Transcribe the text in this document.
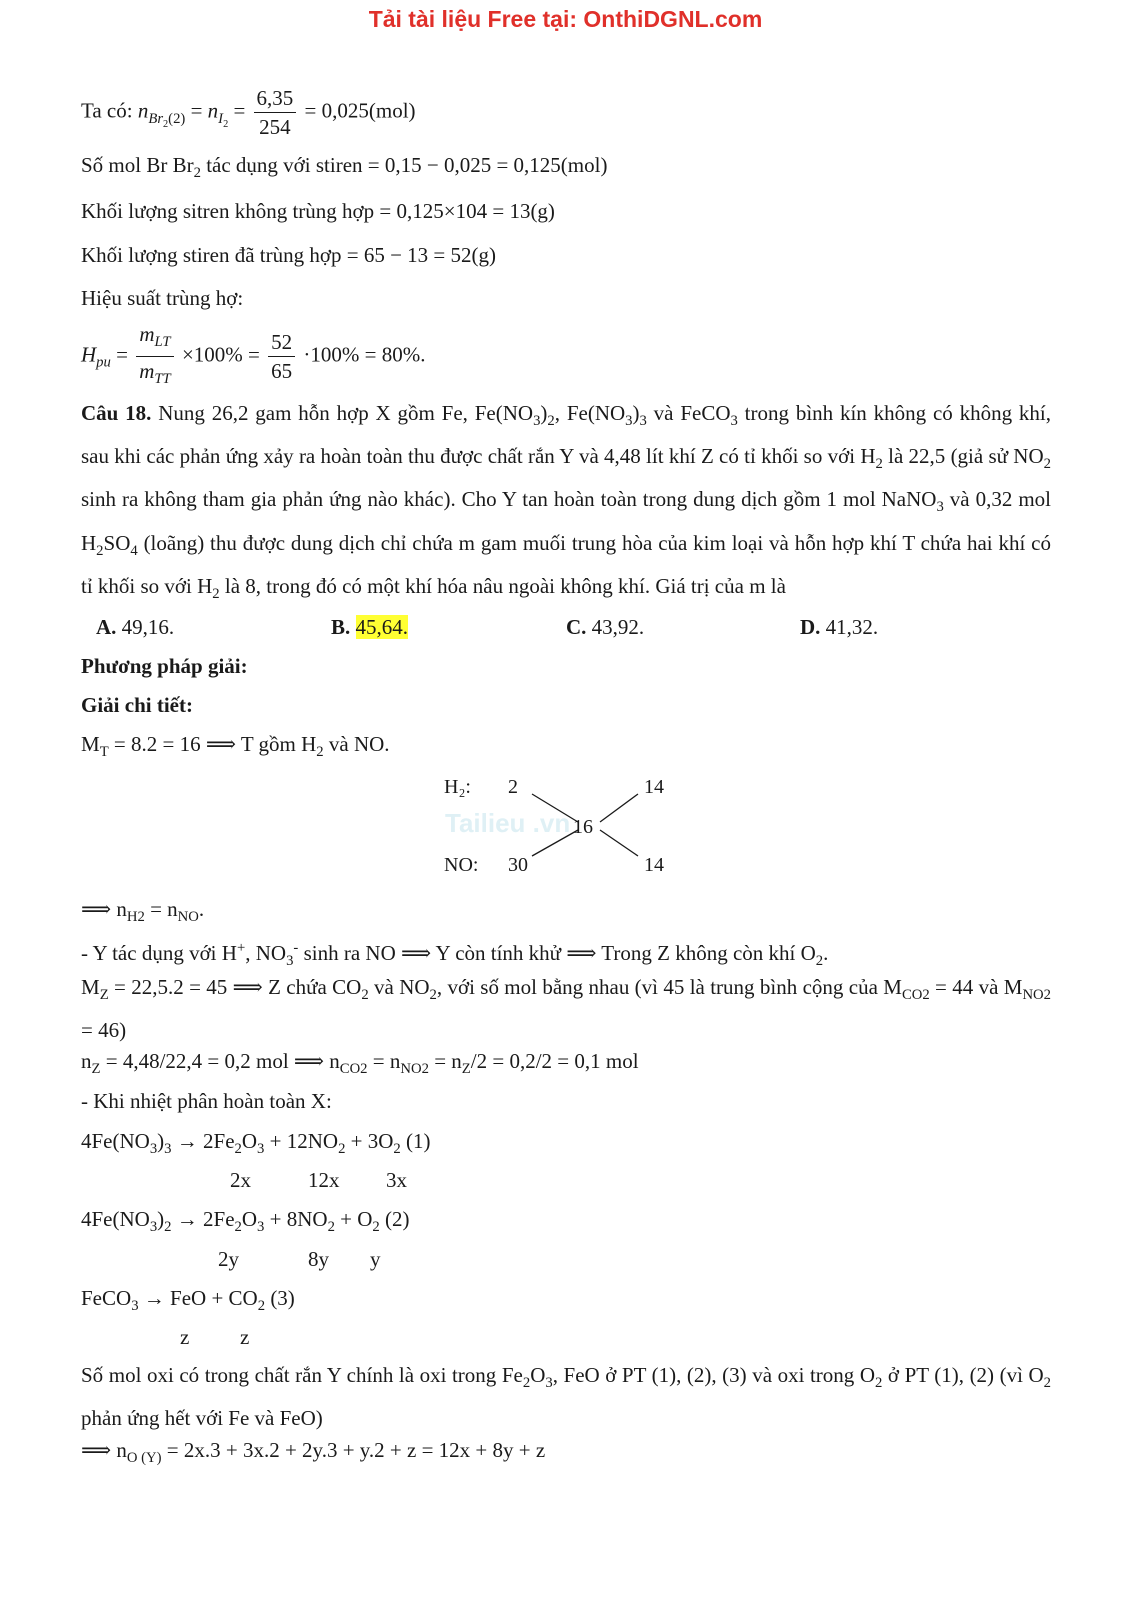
Tải tài liệu Free tại: OnthiDGNL.com
Ta có: $n_{Br_2(2)} = n_{I_2} = \frac{6,35}{254} = 0,025(mol)$
Số mol Br $Br_2$ tác dụng với stiren = 0,15 − 0,025 = 0,125(mol)
Khối lượng sitren không trùng hợp = 0,125×104 = 13(g)
Khối lượng stiren đã trùng hợp = 65 − 13 = 52(g)
Hiệu suất trùng hợ:
$H_{pu} = \frac{m_{LT}}{m_{TT}} \times 100\% = \frac{52}{65} \cdot 100\% = 80\%$.
Câu 18. Nung 26,2 gam hỗn hợp X gồm Fe, $Fe(NO_3)_2$, $Fe(NO_3)_3$ và FeCO$_3$ trong bình kín không có không khí, sau khi các phản ứng xảy ra hoàn toàn thu được chất rắn Y và 4,48 lít khí Z có tỉ khối so với $H_2$ là 22,5 (giả sử $NO_2$ sinh ra không tham gia phản ứng nào khác). Cho Y tan hoàn toàn trong dung dịch gồm 1 mol NaNO$_3$ và 0,32 mol $H_2SO_4$ (loãng) thu được dung dịch chỉ chứa m gam muối trung hòa của kim loại và hỗn hợp khí T chứa hai khí có tỉ khối so với $H_2$ là 8, trong đó có một khí hóa nâu ngoài không khí. Giá trị của m là
A. 49,16.	B. 45,64.	C. 43,92.	D. 41,32.
Phương pháp giải:
Giải chi tiết:
$M_T = 8.2 = 16$ ⟹ T gồm $H_2$ và NO.
Tailieu .vn
H₂: 2	14
16
NO: 30	14
⟹ $n_{H2} = n_{NO}$.
- Y tác dụng với H+, $NO_3^-$ sinh ra NO ⟹ Y còn tính khử ⟹ Trong Z không còn khí $O_2$.
$M_Z = 22,5.2 = 45$ ⟹ Z chứa $CO_2$ và $NO_2$, với số mol bằng nhau (vì 45 là trung bình cộng của $M_{CO2} = 44$ và $M_{NO2} = 46$)
$n_Z = 4,48/22,4 = 0,2$ mol ⟹ $n_{CO2} = n_{NO2} = n_Z/2 = 0,2/2 = 0,1$ mol
- Khi nhiệt phân hoàn toàn X:
$4Fe(NO_3)_3 \to 2Fe_2O_3 + 12NO_2 + 3O_2$ (1)
2x	12x 3x
$4Fe(NO_3)_2 \to 2Fe_2O_3 + 8NO_2 + O_2$ (2)
2y	8y y
FeCO$_3$ → FeO + $CO_2$ (3)
z z
Số mol oxi có trong chất rắn Y chính là oxi trong $Fe_2O_3$, FeO ở PT (1), (2), (3) và oxi trong $O_2$ ở PT (1), (2) (vì $O_2$ phản ứng hết với Fe và FeO)
⟹ $n_{O (Y)} = 2x.3 + 3x.2 + 2y.3 + y.2 + z = 12x + 8y + z$
